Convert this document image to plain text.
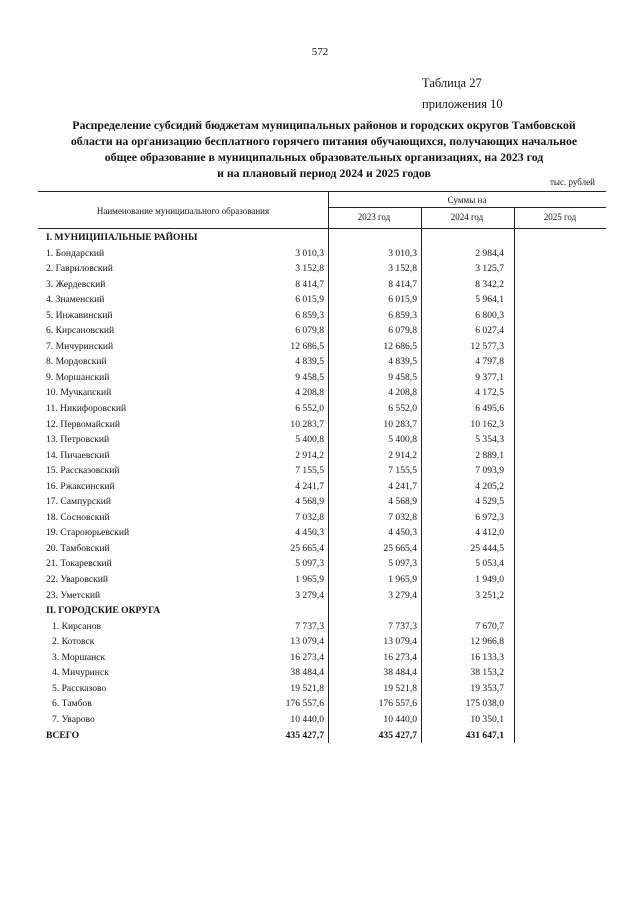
572
Таблица 27
приложения 10
Распределение субсидий бюджетам муниципальных районов и городских округов Тамбовской
области на организацию бесплатного горячего питания обучающихся, получающих начальное
общее образование в муниципальных образовательных организациях, на 2023 год
и на плановый период 2024 и 2025 годов
тыс. рублей
Наименование муниципального образования
Суммы на
2023 год	2024 год	2025 год
I. МУНИЦИПАЛЬНЫЕ РАЙОНЫ
1. Бондарский	3 010,3	3 010,3	2 984,4
2. Гавриловский	3 152,8	3 152,8	3 125,7
3. Жердевский	8 414,7	8 414,7	8 342,2
4. Знаменский	6 015,9	6 015,9	5 964,1
5. Инжавинский	6 859,3	6 859,3	6 800,3
6. Кирсановский	6 079,8	6 079,8	6 027,4
7. Мичуринский	12 686,5	12 686,5	12 577,3
8. Мордовский	4 839,5	4 839,5	4 797,8
9. Моршанский	9 458,5	9 458,5	9 377,1
10. Мучкапский	4 208,8	4 208,8	4 172,5
11. Никифоровский	6 552,0	6 552,0	6 495,6
12. Первомайский	10 283,7	10 283,7	10 162,3
13. Петровский	5 400,8	5 400,8	5 354,3
14. Пичаевский	2 914,2	2 914,2	2 889,1
15. Рассказовский	7 155,5	7 155,5	7 093,9
16. Ржаксинский	4 241,7	4 241,7	4 205,2
17. Сампурский	4 568,9	4 568,9	4 529,5
18. Сосновский	7 032,8	7 032,8	6 972,3
19. Староюрьевский	4 450,3	4 450,3	4 412,0
20. Тамбовский	25 665,4	25 665,4	25 444,5
21. Токаревский	5 097,3	5 097,3	5 053,4
22. Уваровский	1 965,9	1 965,9	1 949,0
23. Уметский	3 279,4	3 279,4	3 251,2
II. ГОРОДСКИЕ ОКРУГА
1. Кирсанов	7 737,3	7 737,3	7 670,7
2. Котовск	13 079,4	13 079,4	12 966,8
3. Моршанск	16 273,4	16 273,4	16 133,3
4. Мичуринск	38 484,4	38 484,4	38 153,2
5. Рассказово	19 521,8	19 521,8	19 353,7
6. Тамбов	176 557,6	176 557,6	175 038,0
7. Уварово	10 440,0	10 440,0	10 350,1
ВСЕГО	435 427,7	435 427,7	431 647,1
